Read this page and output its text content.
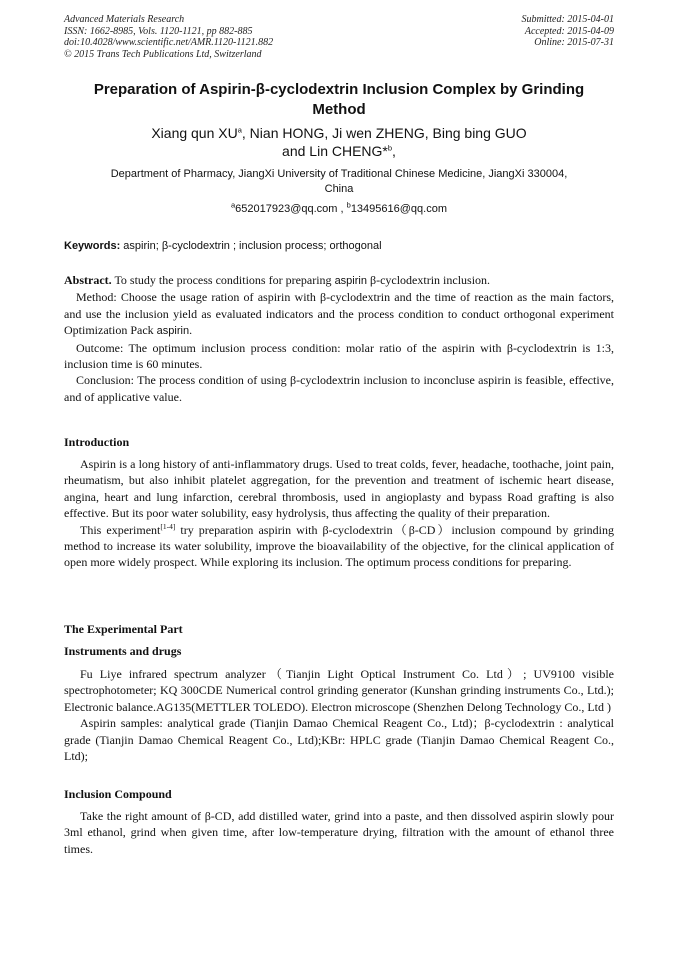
Advanced Materials Research
ISSN: 1662-8985, Vols. 1120-1121, pp 882-885
doi:10.4028/www.scientific.net/AMR.1120-1121.882
© 2015 Trans Tech Publications Ltd, Switzerland
Submitted: 2015-04-01
Accepted: 2015-04-09
Online: 2015-07-31
Preparation of Aspirin-β-cyclodextrin Inclusion Complex by Grinding
Method
Xiang qun $XU^a$, Nian HONG, Ji wen ZHENG, Bing bing GUO
and Lin CHENG*$^b$,
Department of Pharmacy, JiangXi University of Traditional Chinese Medicine, JiangXi 330004,
China
$^a$652017923@qq.com , $^b$13495616@qq.com
Keywords: aspirin; β-cyclodextrin ; inclusion process; orthogonal

Abstract. To study the process conditions for preparing aspirin β-cyclodextrin inclusion.

Method: Choose the usage ration of aspirin with β-cyclodextrin and the time of reaction as the main factors, and use the inclusion yield as evaluated indicators and the process condition to conduct orthogonal experiment Optimization Pack aspirin.

Outcome: The optimum inclusion process condition: molar ratio of the aspirin with β-cyclodextrin is 1:3, inclusion time is 60 minutes.

Conclusion: The process condition of using β-cyclodextrin inclusion to inconcluse aspirin is feasible, effective, and of applicative value.

Introduction

Aspirin is a long history of anti-inflammatory drugs. Used to treat colds, fever, headache, toothache, joint pain, rheumatism, but also inhibit platelet aggregation, for the prevention and treatment of ischemic heart disease, angina, heart and lung infarction, cerebral thrombosis, used in angioplasty and bypass Road grafting is also effective. But its poor water solubility, easy hydrolysis, thus affecting the quality of their preparation.

This experiment[1-4] try preparation aspirin with β-cyclodextrin（β-CD）inclusion compound by grinding method to increase its water solubility, improve the bioavailability of the objective, for the clinical application of open more widely prospect. While exploring its inclusion. The optimum process conditions for preparing.

The Experimental Part
Instruments and drugs

Fu Liye infrared spectrum analyzer（Tianjin Light Optical Instrument Co. Ltd）; UV9100 visible spectrophotometer; KQ 300CDE Numerical control grinding generator (Kunshan grinding instruments Co., Ltd.); Electronic balance.AG135(METTLER TOLEDO). Electron microscope (Shenzhen Delong Technology Co., Ltd )

Aspirin samples: analytical grade (Tianjin Damao Chemical Reagent Co., Ltd)；β-cyclodextrin : analytical grade (Tianjin Damao Chemical Reagent Co., Ltd);KBr: HPLC grade (Tianjin Damao Chemical Reagent Co., Ltd);

Inclusion Compound

Take the right amount of β-CD, add distilled water, grind into a paste, and then dissolved aspirin slowly pour 3ml ethanol, grind when given time, after low-temperature drying, filtration with the amount of ethanol three times.
